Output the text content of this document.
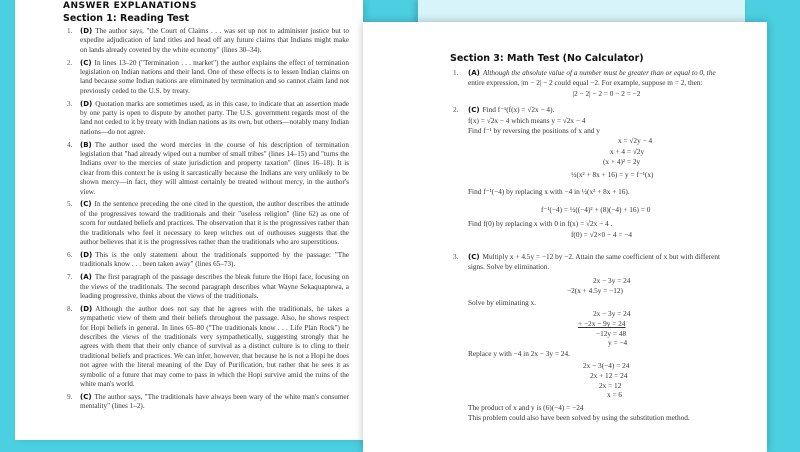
ANSWER EXPLANATIONS
Section 1: Reading Test
1.	(D) The author says, "the Court of Claims . . . was set up not to administer justice but to expedite adjudication of land titles and head off any future claims that Indians might make on lands already coveted by the white economy" (lines 30–34).
2.	(C) In lines 13–20 ("Termination . . . market") the author explains the effect of termination legislation on Indian nations and their land. One of these effects is to lessen Indian claims on land because some Indian nations are eliminated by termination and so cannot claim land not previously ceded to the U.S. by treaty.
3.	(D) Quotation marks are sometimes used, as in this case, to indicate that an assertion made by one party is open to dispute by another party. The U.S. government regards most of the land not ceded to it by treaty with Indian nations as its own, but others—notably many Indian nations—do not agree.
4.	(B) The author used the word mercies in the course of his description of termination legislation that "had already wiped out a number of small tribes" (lines 14–15) and "turns the Indians over to the mercies of state jurisdiction and property taxation" (lines 16–18). It is clear from this context he is using it sarcastically because the Indians are very unlikely to be shown mercy—in fact, they will almost certainly be treated without mercy, in the author's view.
5.	(C) In the sentence preceding the one cited in the question, the author describes the attitude of the progressives toward the traditionals and their "useless religion" (line 62) as one of scorn for outdated beliefs and practices. The observation that it is the progressives rather than the traditionals who feel it necessary to keep witches out of outhouses suggests that the author believes that it is the progressives rather than the traditionals who are superstitious.
6.	(D) This is the only statement about the traditionals supported by the passage: "The traditionals know . . . been taken away" (lines 65–73).
7.	(A) The first paragraph of the passage describes the bleak future the Hopi face, focusing on the views of the traditionals. The second paragraph describes what Wayne Sekaquaptewa, a leading progressive, thinks about the views of the traditionals.
8.	(D) Although the author does not say that he agrees with the traditionals, he takes a sympathetic view of them and their beliefs throughout the passage. Also, he shows respect for Hopi beliefs in general. In lines 65–80 ("The traditionals know . . . Life Plan Rock") he describes the views of the traditionals very sympathetically, suggesting strongly that he agrees with them that their only chance of survival as a distinct culture is to cling to their traditional beliefs and practices. We can infer, however, that because he is not a Hopi he does not agree with the literal meaning of the Day of Purification, but rather that he sees it as symbolic of a future that may come to pass in which the Hopi survive amid the ruins of the white man's world.
9.	(C) The author says, "The traditionals have always been wary of the white man's consumer mentality" (lines 1–2).
Section 3: Math Test (No Calculator)
1. (A) Although the absolute value of a number must be greater than or equal to 0, the
entire expression, |m − 2| − 2 could equal −2. For example, suppose m = 2, then:
|2 − 2| − 2 = 0 − 2 = −2
2. (C) Find f⁻¹(f(x) = √2x − 4).
f(x) = √2x − 4 which means y = √2x − 4
Find f⁻¹ by reversing the positions of x and y
x = √2y − 4
x + 4 = √2y
(x + 4)² = 2y
½(x² + 8x + 16) = y = f⁻¹(x)
Find f⁻¹(−4) by replacing x with −4 in ½(x² + 8x + 16).
f⁻¹(−4) = ½((−4)² + (8)(−4) + 16) = 0
Find f(0) by replacing x with 0 in f(x) = √2x − 4 .
f(0) = √2×0 − 4 = −4
3. (C) Multiply x + 4.5y = −12 by −2. Attain the same coefficient of x but with different
signs. Solve by elimination.
2x − 3y = 24
−2(x + 4.5y = −12)
Solve by eliminating x.
2x − 3y = 24
+ −2x − 9y = 24
−12y = 48
y = −4
Replace y with −4 in 2x − 3y = 24.
2x − 3(−4) = 24
2x + 12 = 24
2x = 12
x = 6
The product of x and y is (6)(−4) = −24
This problem could also have been solved by using the substitution method.
